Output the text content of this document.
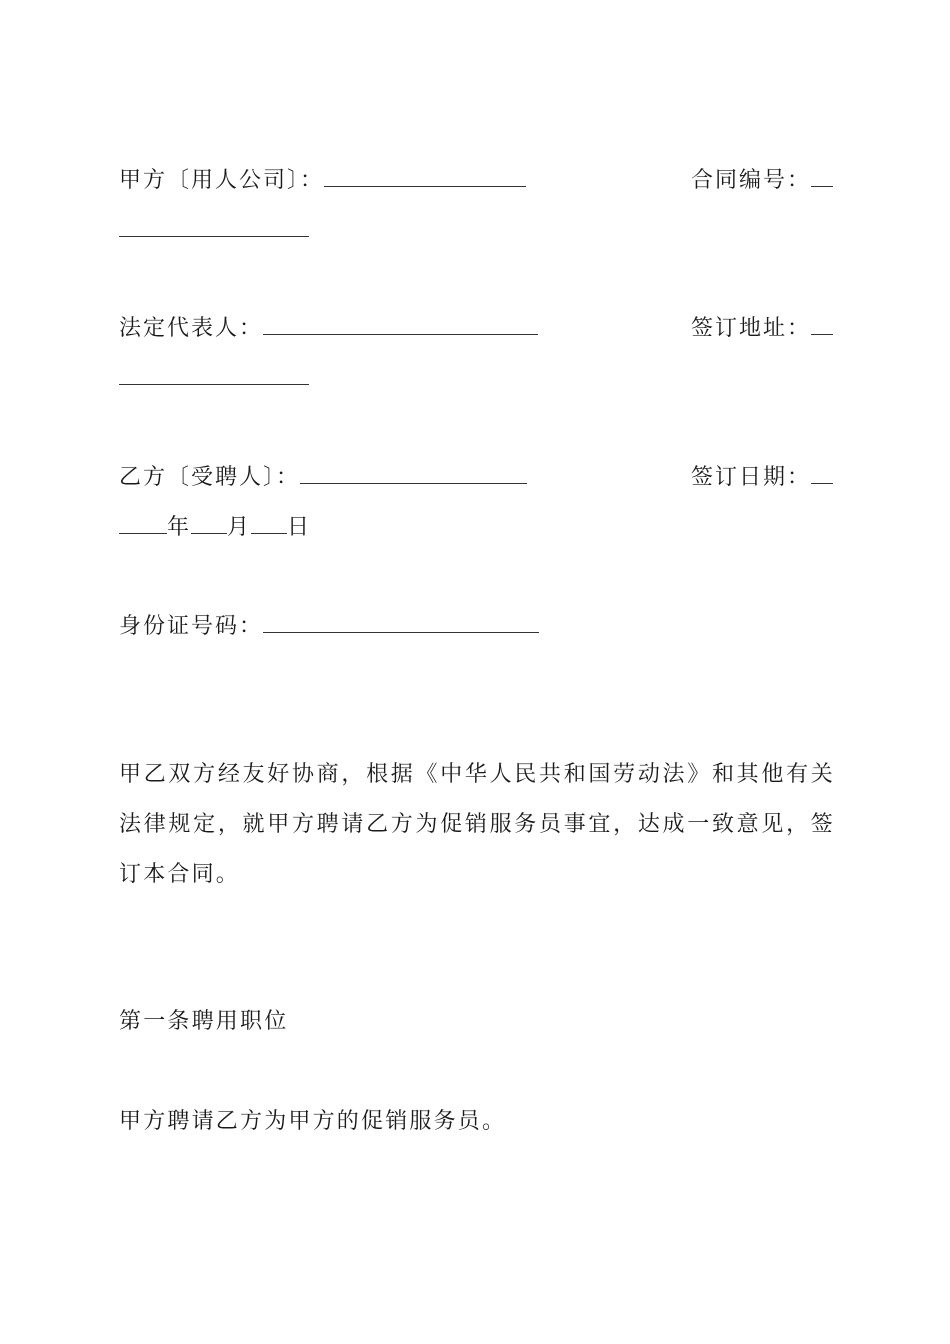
甲方〔用人公司〕：	合同编号：
法定代表人：	签订地址：
乙方〔受聘人〕：	签订日期：
年 月 日
身份证号码：
甲乙双方经友好协商，根据《中华人民共和国劳动法》和其他有关法律规定，就甲方聘请乙方为促销服务员事宜，达成一致意见，签订本合同。
第一条聘用职位
甲方聘请乙方为甲方的促销服务员。
